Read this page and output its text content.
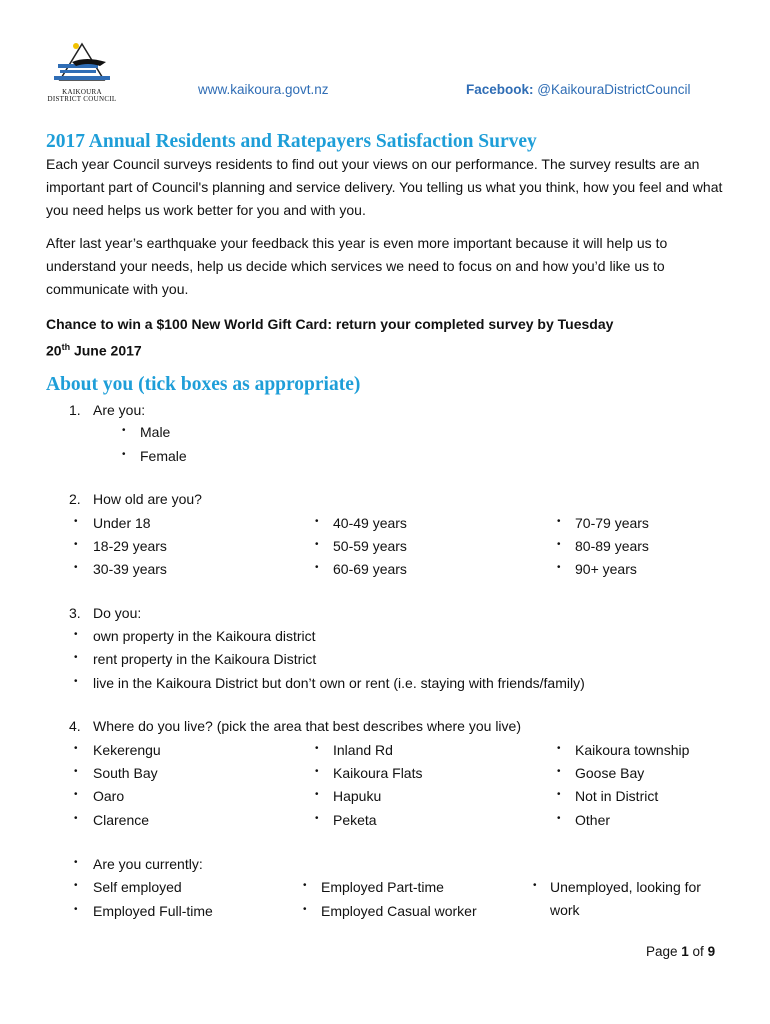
KAIKOURA
DISTRICT COUNCIL
www.kaikoura.govt.nz	Facebook: @KaikouraDistrictCouncil
2017 Annual Residents and Ratepayers Satisfaction Survey
Each year Council surveys residents to find out your views on our performance. The survey results are an important part of Council's planning and service delivery. You telling us what you think, how you feel and what you need helps us work better for you and with you.
After last year’s earthquake your feedback this year is even more important because it will help us to understand your needs, help us decide which services we need to focus on and how you’d like us to communicate with you.
Chance to win a $100 New World Gift Card: return your completed survey by Tuesday
20th June 2017
About you (tick boxes as appropriate)
1. Are you:
• Male
• Female
2. How old are you?
• Under 18
• 18-29 years
• 30-39 years
• 40-49 years
• 50-59 years
• 60-69 years
• 70-79 years
• 80-89 years
• 90+ years
3. Do you:
• own property in the Kaikoura district
• rent property in the Kaikoura District
• live in the Kaikoura District but don’t own or rent (i.e. staying with friends/family)
4. Where do you live? (pick the area that best describes where you live)
• Kekerengu
• South Bay
• Oaro
• Clarence
• Inland Rd
• Kaikoura Flats
• Hapuku
• Peketa
• Kaikoura township
• Goose Bay
• Not in District
• Other
• Are you currently:
• Self employed
• Employed Full-time
• Employed Part-time
• Employed Casual worker
• Unemployed, looking for
work
Page 1 of 9
